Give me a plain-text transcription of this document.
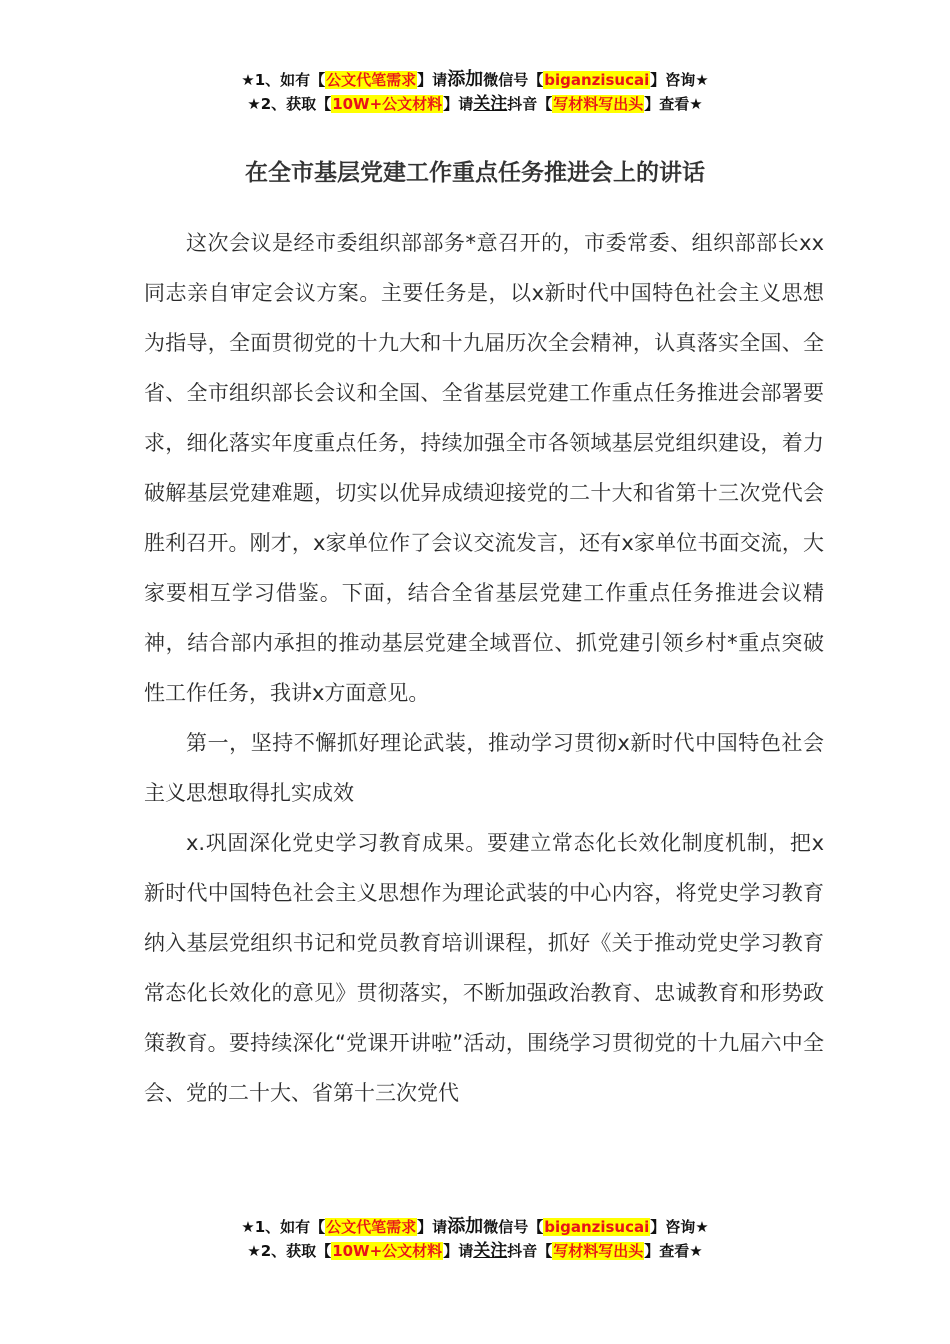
★1、如有【公文代笔需求】请添加微信号【biganzisucai】咨询★
★2、获取【10W+公文材料】请关注抖音【写材料写出头】查看★
在全市基层党建工作重点任务推进会上的讲话

这次会议是经市委组织部部务*意召开的，市委常委、组织部部长xx同志亲自审定会议方案。主要任务是，以x新时代中国特色社会主义思想为指导，全面贯彻党的十九大和十九届历次全会精神，认真落实全国、全省、全市组织部长会议和全国、全省基层党建工作重点任务推进会部署要求，细化落实年度重点任务，持续加强全市各领域基层党组织建设，着力破解基层党建难题，切实以优异成绩迎接党的二十大和省第十三次党代会胜利召开。刚才，x家单位作了会议交流发言，还有x家单位书面交流，大家要相互学习借鉴。下面，结合全省基层党建工作重点任务推进会议精神，结合部内承担的推动基层党建全域晋位、抓党建引领乡村*重点突破性工作任务，我讲x方面意见。

第一，坚持不懈抓好理论武装，推动学习贯彻x新时代中国特色社会主义思想取得扎实成效

x.巩固深化党史学习教育成果。要建立常态化长效化制度机制，把x新时代中国特色社会主义思想作为理论武装的中心内容，将党史学习教育纳入基层党组织书记和党员教育培训课程，抓好《关于推动党史学习教育常态化长效化的意见》贯彻落实，不断加强政治教育、忠诚教育和形势政策教育。要持续深化“党课开讲啦”活动，围绕学习贯彻党的十九届六中全会、党的二十大、省第十三次党代

★1、如有【公文代笔需求】请添加微信号【biganzisucai】咨询★
★2、获取【10W+公文材料】请关注抖音【写材料写出头】查看★
